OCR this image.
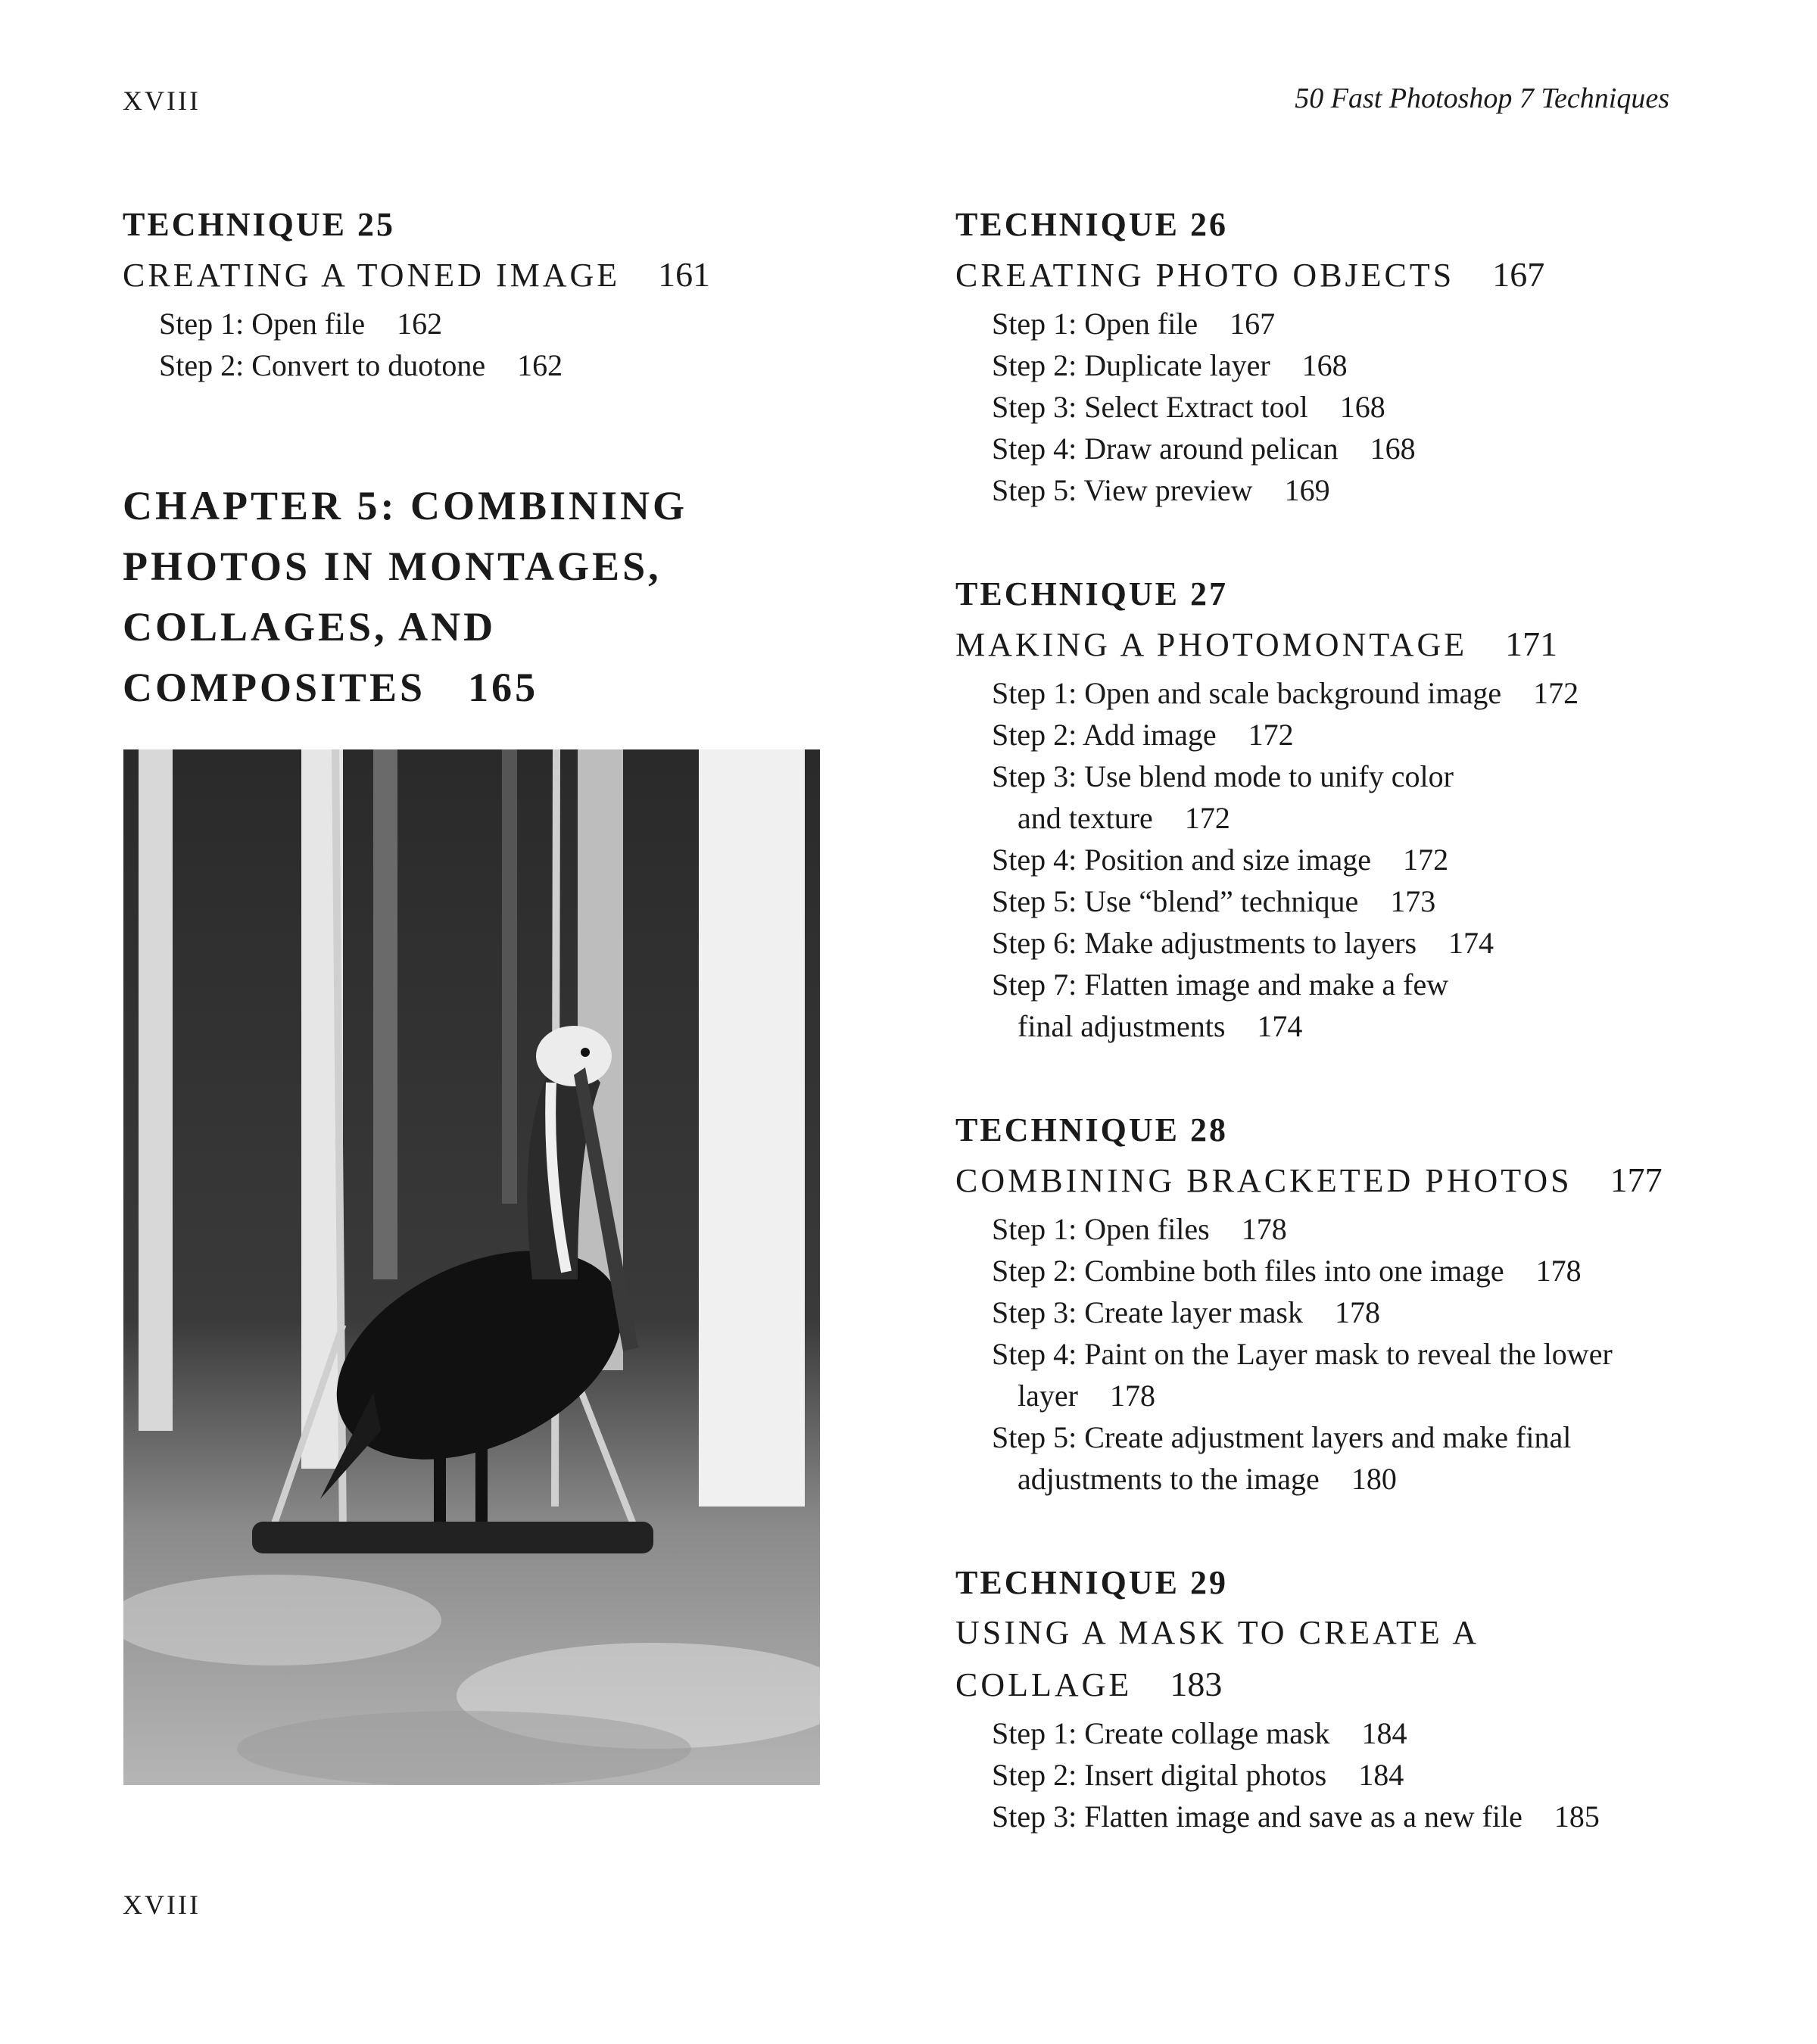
XVIII	50 Fast Photoshop 7 Techniques
TECHNIQUE 25
CREATING A TONED IMAGE 161
Step 1: Open file 162
Step 2: Convert to duotone 162
CHAPTER 5: COMBINING PHOTOS IN MONTAGES, COLLAGES, AND COMPOSITES 165
TECHNIQUE 26
CREATING PHOTO OBJECTS 167
Step 1: Open file 167
Step 2: Duplicate layer 168
Step 3: Select Extract tool 168
Step 4: Draw around pelican 168
Step 5: View preview 169
TECHNIQUE 27
MAKING A PHOTOMONTAGE 171
Step 1: Open and scale background image 172
Step 2: Add image 172
Step 3: Use blend mode to unify color
and texture 172
Step 4: Position and size image 172
Step 5: Use “blend” technique 173
Step 6: Make adjustments to layers 174
Step 7: Flatten image and make a few
final adjustments 174
TECHNIQUE 28
COMBINING BRACKETED PHOTOS 177
Step 1: Open files 178
Step 2: Combine both files into one image 178
Step 3: Create layer mask 178
Step 4: Paint on the Layer mask to reveal the lower
layer 178
Step 5: Create adjustment layers and make final
adjustments to the image 180
TECHNIQUE 29
USING A MASK TO CREATE A COLLAGE 183
Step 1: Create collage mask 184
Step 2: Insert digital photos 184
Step 3: Flatten image and save as a new file 185
XVIII
